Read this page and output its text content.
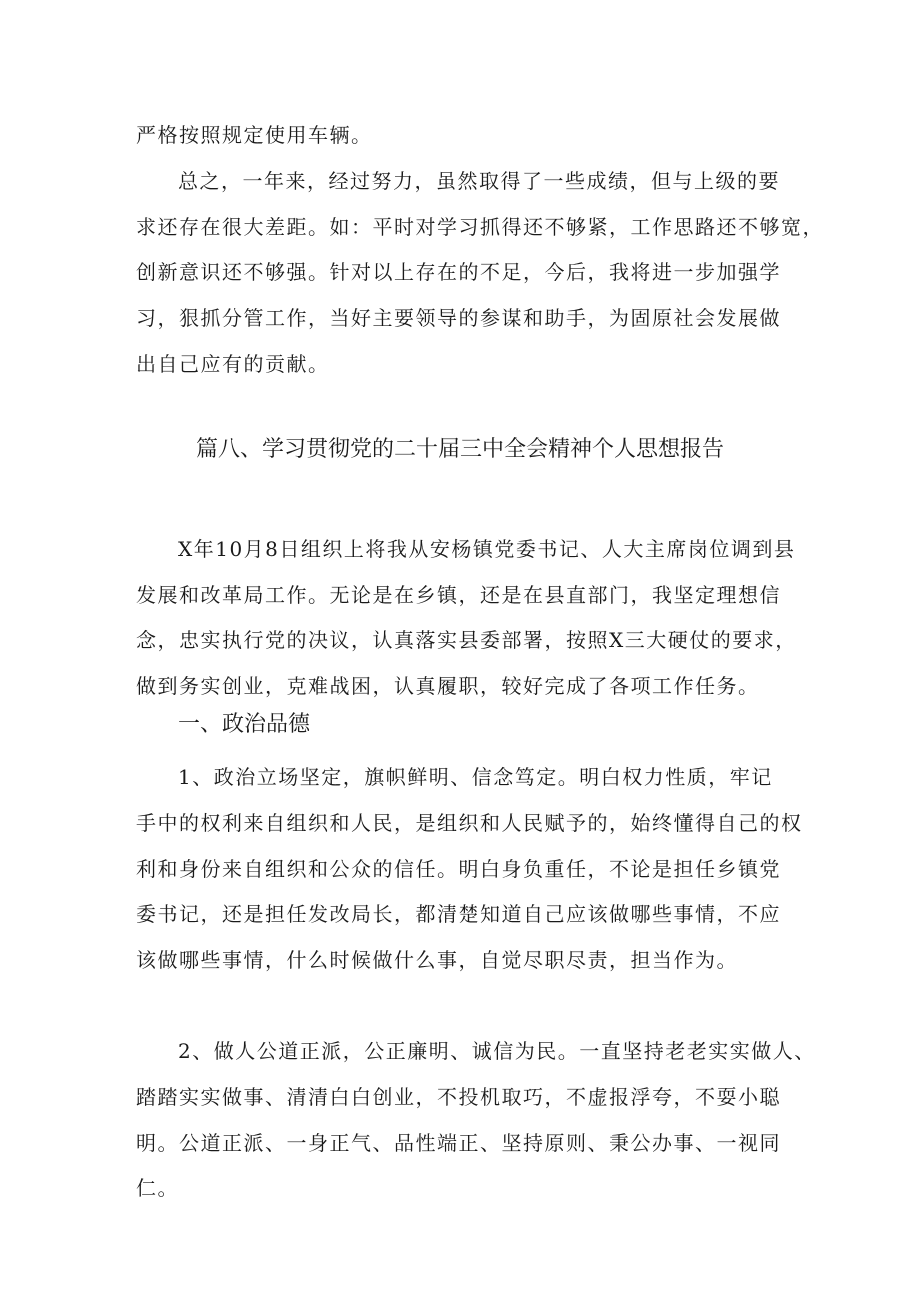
严格按照规定使用车辆。
总之，一年来，经过努力，虽然取得了一些成绩，但与上级的要
求还存在很大差距。如：平时对学习抓得还不够紧，工作思路还不够宽，
创新意识还不够强。针对以上存在的不足，今后，我将进一步加强学
习，狠抓分管工作，当好主要领导的参谋和助手，为固原社会发展做
出自己应有的贡献。
篇八、学习贯彻党的二十届三中全会精神个人思想报告
X年10月8日组织上将我从安杨镇党委书记、人大主席岗位调到县
发展和改革局工作。无论是在乡镇，还是在县直部门，我坚定理想信
念，忠实执行党的决议，认真落实县委部署，按照X三大硬仗的要求，
做到务实创业，克难战困，认真履职，较好完成了各项工作任务。
一、政治品德
1、政治立场坚定，旗帜鲜明、信念笃定。明白权力性质，牢记
手中的权利来自组织和人民，是组织和人民赋予的，始终懂得自己的权
利和身份来自组织和公众的信任。明白身负重任，不论是担任乡镇党
委书记，还是担任发改局长，都清楚知道自己应该做哪些事情，不应
该做哪些事情，什么时候做什么事，自觉尽职尽责，担当作为。
2、做人公道正派，公正廉明、诚信为民。一直坚持老老实实做人、
踏踏实实做事、清清白白创业，不投机取巧，不虚报浮夸，不耍小聪
明。公道正派、一身正气、品性端正、坚持原则、秉公办事、一视同
仁。
